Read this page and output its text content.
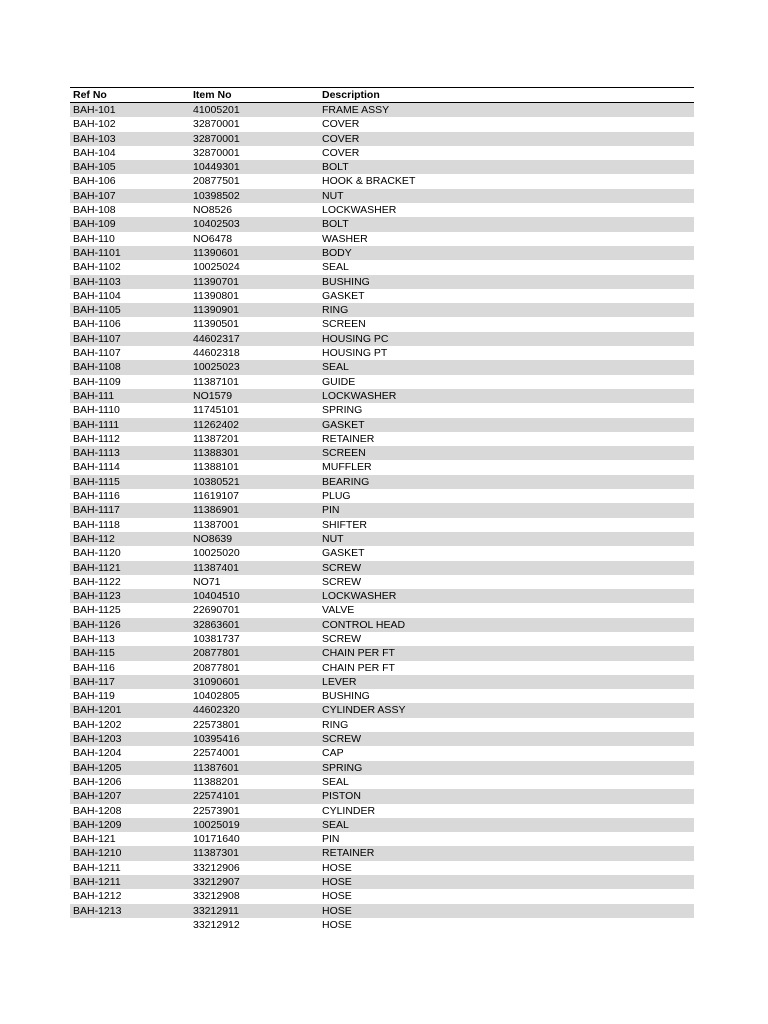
Ref No	Item No	Description
BAH-101	41005201	FRAME ASSY
BAH-102	32870001	COVER
BAH-103	32870001	COVER
BAH-104	32870001	COVER
BAH-105	10449301	BOLT
BAH-106	20877501	HOOK & BRACKET
BAH-107	10398502	NUT
BAH-108	NO8526	LOCKWASHER
BAH-109	10402503	BOLT
BAH-110	NO6478	WASHER
BAH-1101	11390601	BODY
BAH-1102	10025024	SEAL
BAH-1103	11390701	BUSHING
BAH-1104	11390801	GASKET
BAH-1105	11390901	RING
BAH-1106	11390501	SCREEN
BAH-1107	44602317	HOUSING PC
BAH-1107	44602318	HOUSING PT
BAH-1108	10025023	SEAL
BAH-1109	11387101	GUIDE
BAH-111	NO1579	LOCKWASHER
BAH-1110	11745101	SPRING
BAH-1111	11262402	GASKET
BAH-1112	11387201	RETAINER
BAH-1113	11388301	SCREEN
BAH-1114	11388101	MUFFLER
BAH-1115	10380521	BEARING
BAH-1116	11619107	PLUG
BAH-1117	11386901	PIN
BAH-1118	11387001	SHIFTER
BAH-112	NO8639	NUT
BAH-1120	10025020	GASKET
BAH-1121	11387401	SCREW
BAH-1122	NO71	SCREW
BAH-1123	10404510	LOCKWASHER
BAH-1125	22690701	VALVE
BAH-1126	32863601	CONTROL HEAD
BAH-113	10381737	SCREW
BAH-115	20877801	CHAIN PER FT
BAH-116	20877801	CHAIN PER FT
BAH-117	31090601	LEVER
BAH-119	10402805	BUSHING
BAH-1201	44602320	CYLINDER ASSY
BAH-1202	22573801	RING
BAH-1203	10395416	SCREW
BAH-1204	22574001	CAP
BAH-1205	11387601	SPRING
BAH-1206	11388201	SEAL
BAH-1207	22574101	PISTON
BAH-1208	22573901	CYLINDER
BAH-1209	10025019	SEAL
BAH-121	10171640	PIN
BAH-1210	11387301	RETAINER
BAH-1211	33212906	HOSE
BAH-1211	33212907	HOSE
BAH-1212	33212908	HOSE
BAH-1213	33212911	HOSE
	33212912	HOSE
